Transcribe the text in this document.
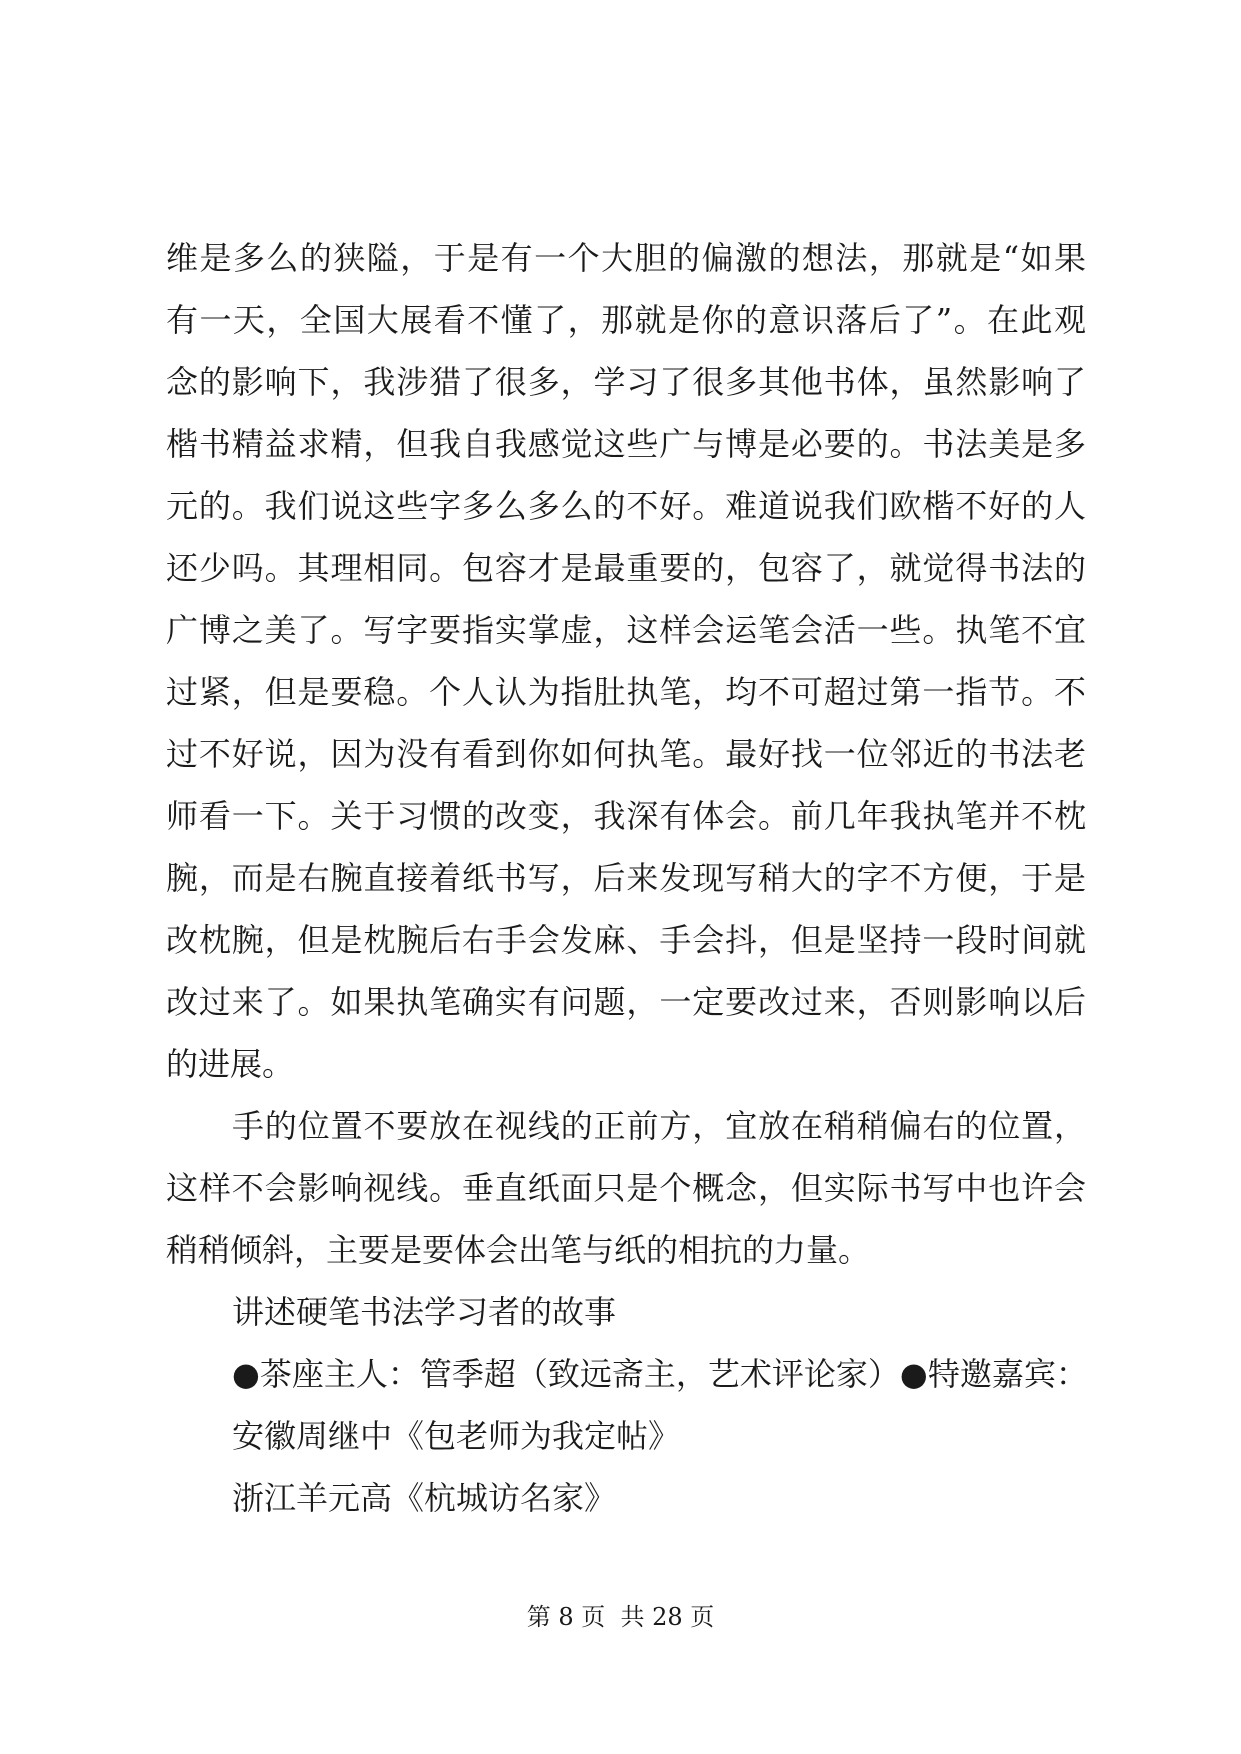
维是多么的狭隘，于是有一个大胆的偏激的想法，那就是“如果
有一天，全国大展看不懂了，那就是你的意识落后了”。在此观
念的影响下，我涉猎了很多，学习了很多其他书体，虽然影响了
楷书精益求精，但我自我感觉这些广与博是必要的。书法美是多
元的。我们说这些字多么多么的不好。难道说我们欧楷不好的人
还少吗。其理相同。包容才是最重要的，包容了，就觉得书法的
广博之美了。写字要指实掌虚，这样会运笔会活一些。执笔不宜
过紧，但是要稳。个人认为指肚执笔，均不可超过第一指节。不
过不好说，因为没有看到你如何执笔。最好找一位邻近的书法老
师看一下。关于习惯的改变，我深有体会。前几年我执笔并不枕
腕，而是右腕直接着纸书写，后来发现写稍大的字不方便，于是
改枕腕，但是枕腕后右手会发麻、手会抖，但是坚持一段时间就
改过来了。如果执笔确实有问题，一定要改过来，否则影响以后
的进展。
手的位置不要放在视线的正前方，宜放在稍稍偏右的位置，
这样不会影响视线。垂直纸面只是个概念，但实际书写中也许会
稍稍倾斜，主要是要体会出笔与纸的相抗的力量。
讲述硬笔书法学习者的故事
●茶座主人：管季超（致远斋主，艺术评论家）●特邀嘉宾：
安徽周继中《包老师为我定帖》
浙江羊元高《杭城访名家》
第 8 页  共 28 页
